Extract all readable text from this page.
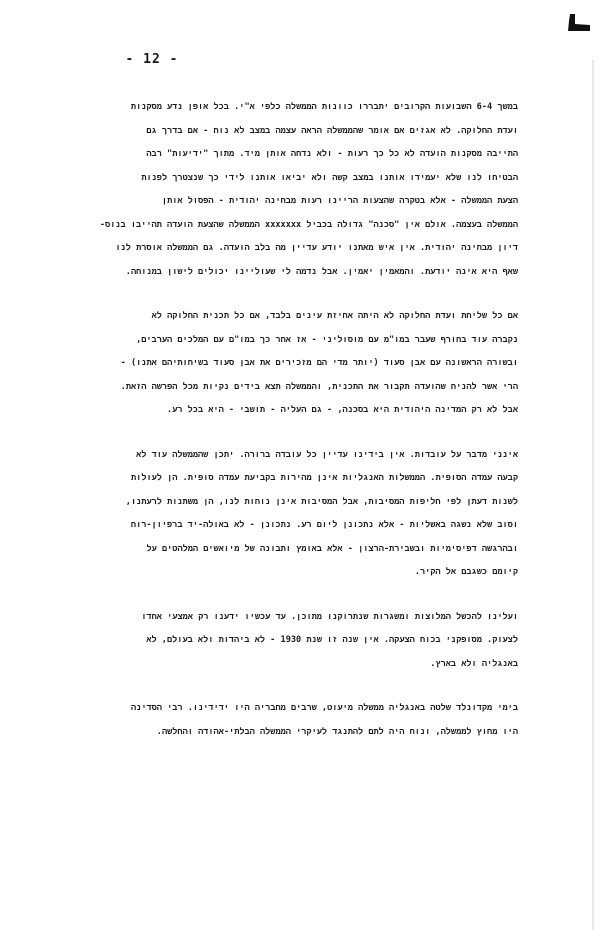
- 12 -

במשך 6-4 השבועות הקרובים יתבררו כוונות הממשלה כלפי א"י. בכל אופן נדע מסקנות

ועדת החלוקה. לא אגזים אם אומר שהממשלה הראה עצמה במצב לא נוח - אם בדרך גם

התייבה מסקנות הועדה לא כל כך רעות - ולא נדחה אותן מיד. מתוך "ידיעות" רבה

הבטיחו לנו שלא יעמידו אותנו במצב קשה ולא יביאו אותנו לידי כך שנצטרך לפנות

הצעת הממשלה - אלא בטקרה שהצעות הריינו רעות מבחינה יהודית - הפסול אותן

הממשלה בעצמה. אולם אין "סכנה" גדולה בכביל xxxxxxx הממשלה שהצעת הועדה תהייבו בנוס-

דיון מבחינה יהודית. אין איש מאתנו יודע עדיין מה בלב הועדה. גם הממשלה אוסרת לנו

שאף היא אינה יודעת. והמאמין יאמין. אבל נדמה לי שעוליינו יכולים לישון במנוחה.

אם כל שליחת ועדת החלוקה לא היתה אחיזת עינים בלבד, אם כל תכנית החלוקה לא

נקברה עוד בחורף שעבר במו"מ עם מוסוליני - אז אחר כך במו"ם עם המלכים הערבים,

ובשורה הראשונה עם אבן סעוד (יותר מדי הם מזכירים את אבן סעוד בשיחותיהם אתנו) -

הרי אשר להניח שהועדה תקבור את התכנית, והממשלה תצא בידים נקיות מכל הפרשה הזאת.

אבל לא רק המדינה היהודית היא בסכנה, - גם העליה - תושבי - היא בכל רע.

אינני מדבר על עובדות. אין בידינו עדיין כל עובדה ברורה. יתכן שהממשלה עוד לא

קבעה עמדה הסופית. הממשלות האנגליות אינן מהירות בקביעת עמדה סופית. הן לעולות

לשנות דעתן לפי חליפות המסיבות, אבל המסיבות אינן נוחות לנו, הן משתנות לרעתנו,

וסוב שלא נשגה באשליות - אלא נתכונן ליום רע. נתכונן - לא באולה-יד ברפיון-רוח

ובהרגשה דפיסימיות ובשבירת-הרצון - אלא באומץ ותבונה של מיואשים המלהטים על

קיומם כשגבם אל הקיר.

ועלינו להכשל המלוצות ומשגרות שנתרוקנו מתוכן. עד עכשיו ידענו רק אמצעי אחדו

לצעוק. מסופקני בכוח הצעקה. אין שנה זו שנת 1930 - לא ביהדות ולא בעולם, לא

באנגליה ולא בארץ.

בימי מקדונלד שלטה באנגליה ממשלה מיעוט, שרבים מחבריה היו ידידינו. רבי הסדינה

היו מחוץ לממשלה, ונוח היה לתם להתנגד לעיקרי הממשלה הבלתי-אהודה והחלשה.
